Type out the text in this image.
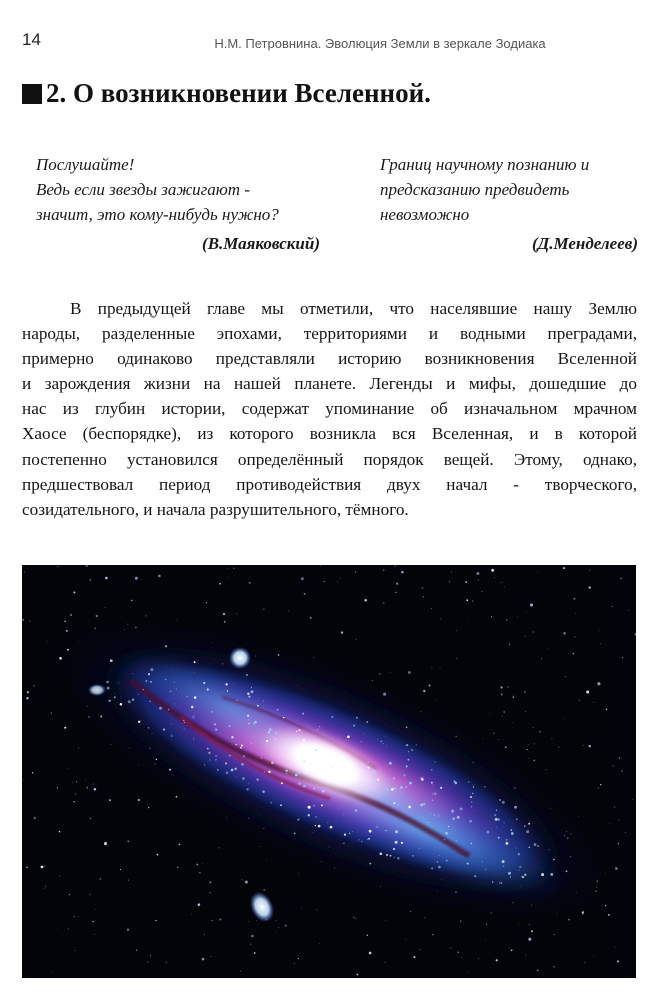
14	Н.М. Петровнина. Эволюция Земли в зеркале Зодиака
2. О возникновении Вселенной.
Послушайте!
Ведь если звезды зажигают -
значит, это кому-нибудь нужно?
(В.Маяковский)
Границ научному познанию и
предсказанию предвидеть
невозможно
(Д.Менделеев)
В предыдущей главе мы отметили, что населявшие нашу Землю
народы, разделенные эпохами, территориями и водными преградами,
примерно одинаково представляли историю возникновения Вселенной
и зарождения жизни на нашей планете. Легенды и мифы, дошедшие до
нас из глубин истории, содержат упоминание об изначальном мрачном
Хаосе (беспорядке), из которого возникла вся Вселенная, и в которой
постепенно установился определённый порядок вещей. Этому, однако,
предшествовал период противодействия двух начал - творческого,
созидательного, и начала разрушительного, тёмного.
